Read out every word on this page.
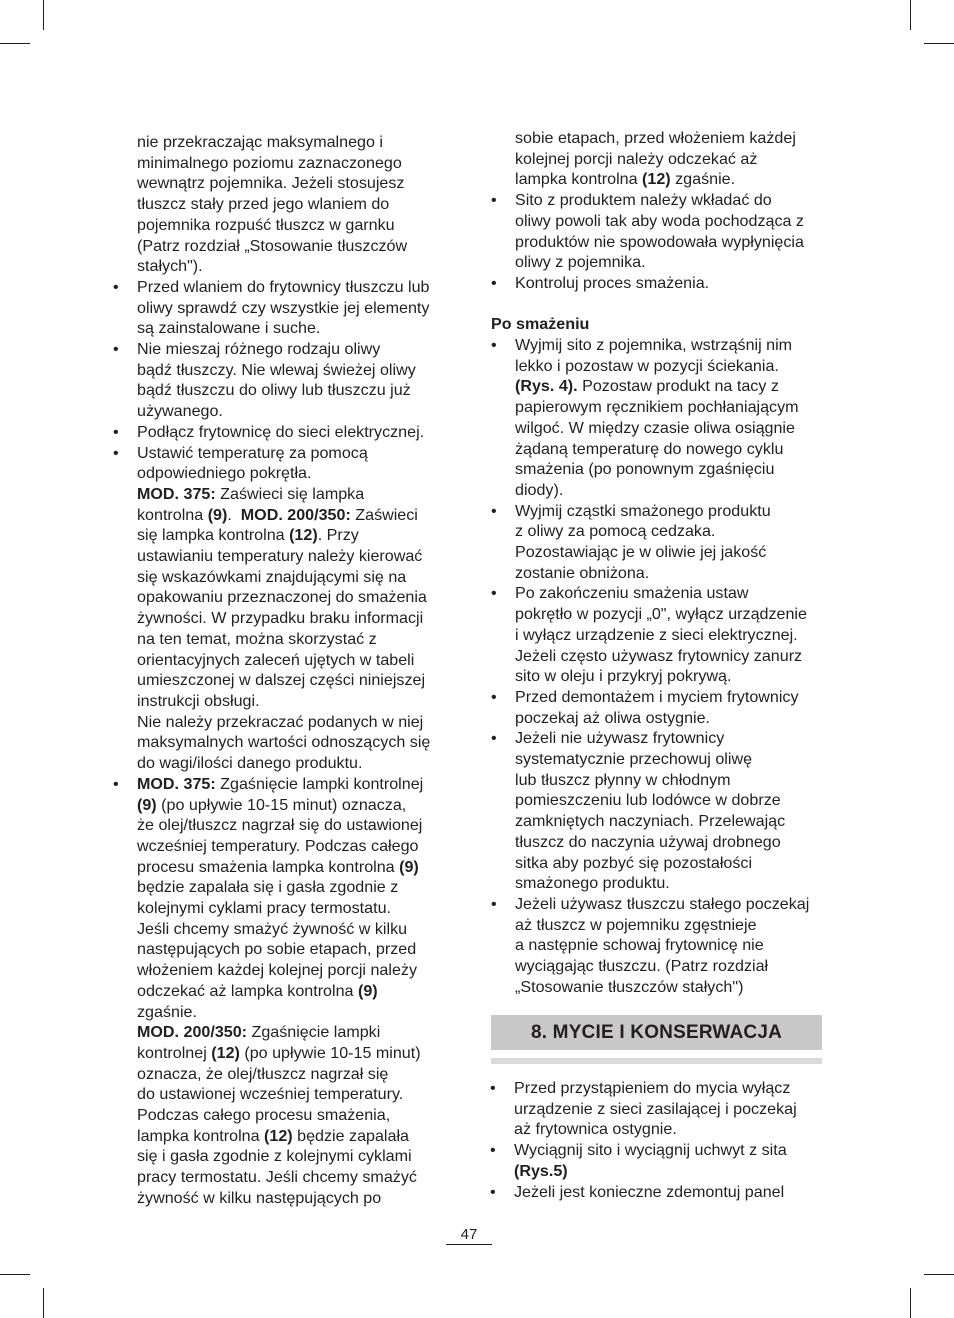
nie przekraczając maksymalnego i
minimalnego poziomu zaznaczonego
wewnątrz pojemnika. Jeżeli stosujesz
tłuszcz stały przed jego wlaniem do
pojemnika rozpuść tłuszcz w garnku
(Patrz rozdział „Stosowanie tłuszczów
stałych").
• Przed wlaniem do frytownicy tłuszczu lub
oliwy sprawdź czy wszystkie jej elementy
są zainstalowane i suche.
• Nie mieszaj różnego rodzaju oliwy
bądź tłuszczy. Nie wlewaj świeżej oliwy
bądź tłuszczu do oliwy lub tłuszczu już
używanego.
• Podłącz frytownicę do sieci elektrycznej.
• Ustawić temperaturę za pomocą
odpowiedniego pokrętła.
MOD. 375: Zaświeci się lampka
kontrolna (9).  MOD. 200/350: Zaświeci
się lampka kontrolna (12). Przy
ustawianiu temperatury należy kierować
się wskazówkami znajdującymi się na
opakowaniu przeznaczonej do smażenia
żywności. W przypadku braku informacji
na ten temat, można skorzystać z
orientacyjnych zaleceń ujętych w tabeli
umieszczonej w dalszej części niniejszej
instrukcji obsługi.
Nie należy przekraczać podanych w niej
maksymalnych wartości odnoszących się
do wagi/ilości danego produktu.
• MOD. 375: Zgaśnięcie lampki kontrolnej
(9) (po upływie 10-15 minut) oznacza,
że olej/tłuszcz nagrzał się do ustawionej
wcześniej temperatury. Podczas całego
procesu smażenia lampka kontrolna (9)
będzie zapalała się i gasła zgodnie z
kolejnymi cyklami pracy termostatu.
Jeśli chcemy smażyć żywność w kilku
następujących po sobie etapach, przed
włożeniem każdej kolejnej porcji należy
odczekać aż lampka kontrolna (9)
zgaśnie.
MOD. 200/350: Zgaśnięcie lampki
kontrolnej (12) (po upływie 10-15 minut)
oznacza, że olej/tłuszcz nagrzał się
do ustawionej wcześniej temperatury.
Podczas całego procesu smażenia,
lampka kontrolna (12) będzie zapalała
się i gasła zgodnie z kolejnymi cyklami
pracy termostatu. Jeśli chcemy smażyć
żywność w kilku następujących po
sobie etapach, przed włożeniem każdej
kolejnej porcji należy odczekać aż
lampka kontrolna (12) zgaśnie.
• Sito z produktem należy wkładać do
oliwy powoli tak aby woda pochodząca z
produktów nie spowodowała wypłynięcia
oliwy z pojemnika.
• Kontroluj proces smażenia.
Po smażeniu
• Wyjmij sito z pojemnika, wstrząśnij nim
lekko i pozostaw w pozycji ściekania.
(Rys. 4). Pozostaw produkt na tacy z
papierowym ręcznikiem pochłaniającym
wilgoć. W między czasie oliwa osiągnie
żądaną temperaturę do nowego cyklu
smażenia (po ponownym zgaśnięciu
diody).
• Wyjmij cząstki smażonego produktu
z oliwy za pomocą cedzaka.
Pozostawiając je w oliwie jej jakość
zostanie obniżona.
• Po zakończeniu smażenia ustaw
pokrętło w pozycji „0", wyłącz urządzenie
i wyłącz urządzenie z sieci elektrycznej.
Jeżeli często używasz frytownicy zanurz
sito w oleju i przykryj pokrywą.
• Przed demontażem i myciem frytownicy
poczekaj aż oliwa ostygnie.
• Jeżeli nie używasz frytownicy
systematycznie przechowuj oliwę
lub tłuszcz płynny w chłodnym
pomieszczeniu lub lodówce w dobrze
zamkniętych naczyniach. Przelewając
tłuszcz do naczynia używaj drobnego
sitka aby pozbyć się pozostałości
smażonego produktu.
• Jeżeli używasz tłuszczu stałego poczekaj
aż tłuszcz w pojemniku zgęstnieje
a następnie schowaj frytownicę nie
wyciągając tłuszczu. (Patrz rozdział
„Stosowanie tłuszczów stałych")
8. MYCIE I KONSERWACJA
• Przed przystąpieniem do mycia wyłącz
urządzenie z sieci zasilającej i poczekaj
aż frytownica ostygnie.
• Wyciągnij sito i wyciągnij uchwyt z sita
(Rys.5)
• Jeżeli jest konieczne zdemontuj panel
47
